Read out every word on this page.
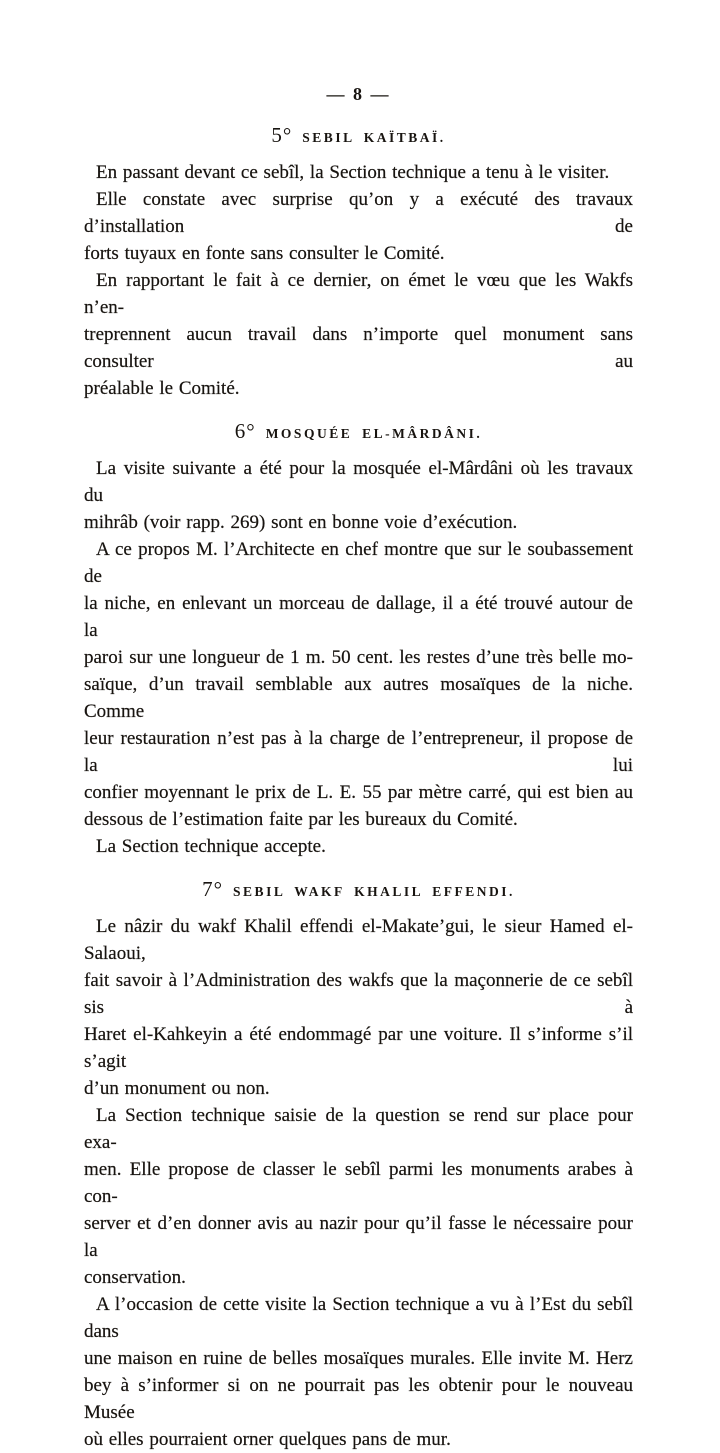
— 8 —
5° SEBIL KAÏTBAÏ.
En passant devant ce sebîl, la Section technique a tenu à le visiter.
Elle constate avec surprise qu’on y a exécuté des travaux d’installation de
forts tuyaux en fonte sans consulter le Comité.
En rapportant le fait à ce dernier, on émet le vœu que les Wakfs n’en-
treprennent aucun travail dans n’importe quel monument sans consulter au
préalable le Comité.
6° MOSQUÉE EL-MÂRDÂNI.
La visite suivante a été pour la mosquée el-Mârdâni où les travaux du
mihrâb (voir rapp. 269) sont en bonne voie d’exécution.
A ce propos M. l’Architecte en chef montre que sur le soubassement de
la niche, en enlevant un morceau de dallage, il a été trouvé autour de la
paroi sur une longueur de 1 m. 50 cent. les restes d’une très belle mo-
saïque, d’un travail semblable aux autres mosaïques de la niche. Comme
leur restauration n’est pas à la charge de l’entrepreneur, il propose de la lui
confier moyennant le prix de L. E. 55 par mètre carré, qui est bien au
dessous de l’estimation faite par les bureaux du Comité.
La Section technique accepte.
7° SEBIL WAKF KHALIL EFFENDI.
Le nâzir du wakf Khalil effendi el-Makate’gui, le sieur Hamed el-Salaoui,
fait savoir à l’Administration des wakfs que la maçonnerie de ce sebîl sis à
Haret el-Kahkeyin a été endommagé par une voiture. Il s’informe s’il s’agit
d’un monument ou non.
La Section technique saisie de la question se rend sur place pour exa-
men. Elle propose de classer le sebîl parmi les monuments arabes à con-
server et d’en donner avis au nazir pour qu’il fasse le nécessaire pour la
conservation.
A l’occasion de cette visite la Section technique a vu à l’Est du sebîl dans
une maison en ruine de belles mosaïques murales. Elle invite M. Herz
bey à s’informer si on ne pourrait pas les obtenir pour le nouveau Musée
où elles pourraient orner quelques pans de mur.
